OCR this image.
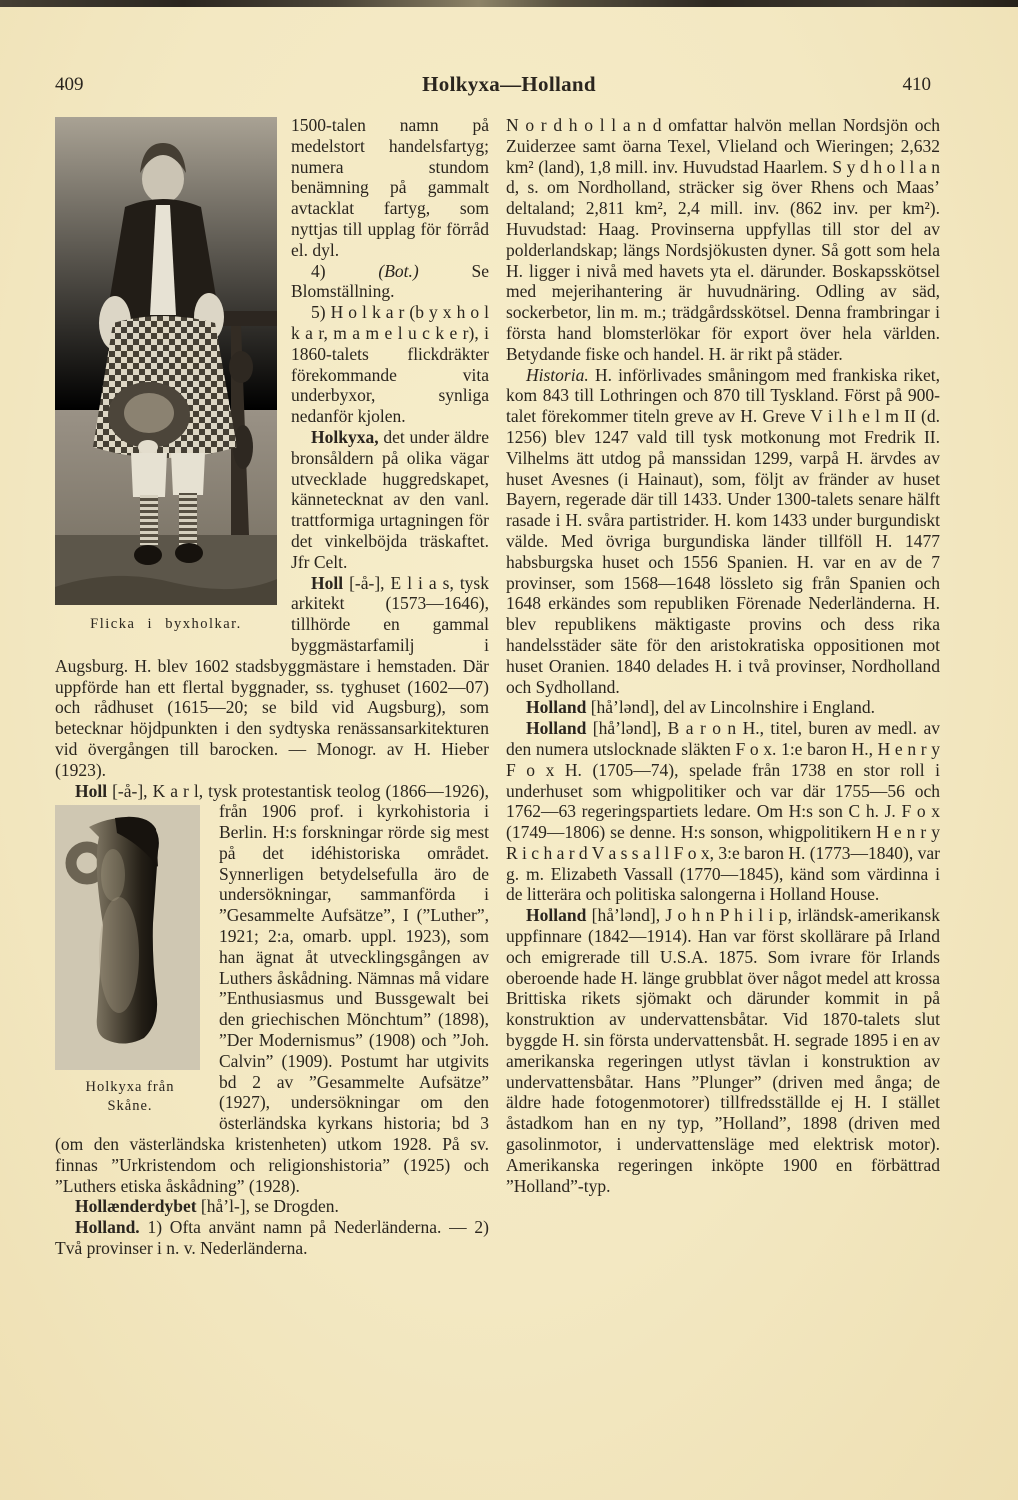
409	Holkyxa—Holland	410
Flicka i byxholkar.

1500-talen namn på medelstort handelsfartyg; numera stundom benämning på gammalt avtacklat fartyg, som nyttjas till upplag för förråd el. dyl.

4) (Bot.) Se Blomställning.

5) H o l k a r (b y x h o l k a r, m a m e l u c k e r), i 1860-talets flickdräkter förekommande vita underbyxor, synliga nedanför kjolen.

Holkyxa, det under äldre bronsåldern på olika vägar utvecklade huggredskapet, kännetecknat av den vanl. trattformiga urtagningen för det vinkelböjda träskaftet. Jfr Celt.

Holl [-å-], E l i a s, tysk arkitekt (1573—1646), tillhörde en gammal byggmästarfamilj i Augsburg. H. blev 1602 stadsbyggmästare i hemstaden. Där uppförde han ett flertal byggnader, ss. tyghuset (1602—07) och rådhuset (1615—20; se bild vid Augsburg), som betecknar höjdpunkten i den sydtyska renässansarkitekturen vid övergången till barocken. — Monogr. av H. Hieber (1923).

Holl [-å-], K a r l, tysk protestantisk teolog (1866—1926), från 1906 prof. i kyrkohistoria i
Holkyxa från
Skåne.
Berlin. H:s forskningar rörde sig mest på det idéhistoriska området. Synnerligen betydelsefulla äro de undersökningar, sammanförda i ”Gesammelte Aufsätze”, I (”Luther”, 1921; 2:a, omarb. uppl. 1923), som han ägnat åt utvecklingsgången av Luthers åskådning. Nämnas må vidare ”Enthusiasmus und Bussgewalt bei den griechischen Mönchtum” (1898), ”Der Modernismus” (1908) och ”Joh. Calvin” (1909). Postumt har utgivits bd 2 av ”Gesammelte Aufsätze” (1927), undersökningar om den österländska kyrkans historia; bd 3 (om den västerländska kristenheten) utkom 1928. På sv. finnas ”Urkristendom och religionshistoria” (1925) och ”Luthers etiska åskådning” (1928).

Hollænderdybet [hå’l-], se Drogden.

Holland. 1) Ofta använt namn på Nederländerna. — 2) Två provinser i n. v. Nederländerna.

N o r d h o l l a n d omfattar halvön mellan Nordsjön och Zuiderzee samt öarna Texel, Vlieland och Wieringen; 2,632 km² (land), 1,8 mill. inv. Huvudstad Haarlem. S y d h o l l a n d, s. om Nordholland, sträcker sig över Rhens och Maas’ deltaland; 2,811 km², 2,4 mill. inv. (862 inv. per km²). Huvudstad: Haag. Provinserna uppfyllas till stor del av polderlandskap; längs Nordsjökusten dyner. Så gott som hela H. ligger i nivå med havets yta el. därunder. Boskapsskötsel med mejerihantering är huvudnäring. Odling av säd, sockerbetor, lin m. m.; trädgårdsskötsel. Denna frambringar i första hand blomsterlökar för export över hela världen. Betydande fiske och handel. H. är rikt på städer.

Historia. H. införlivades småningom med frankiska riket, kom 843 till Lothringen och 870 till Tyskland. Först på 900-talet förekommer titeln greve av H. Greve V i l h e l m II (d. 1256) blev 1247 vald till tysk motkonung mot Fredrik II. Vilhelms ätt utdog på manssidan 1299, varpå H. ärvdes av huset Avesnes (i Hainaut), som, följt av fränder av huset Bayern, regerade där till 1433. Under 1300-talets senare hälft rasade i H. svåra partistrider. H. kom 1433 under burgundiskt välde. Med övriga burgundiska länder tillföll H. 1477 habsburgska huset och 1556 Spanien. H. var en av de 7 provinser, som 1568—1648 lössleto sig från Spanien och 1648 erkändes som republiken Förenade Nederländerna. H. blev republikens mäktigaste provins och dess rika handelsstäder säte för den aristokratiska oppositionen mot huset Oranien. 1840 delades H. i två provinser, Nordholland och Sydholland.

Holland [hå’lənd], del av Lincolnshire i England.

Holland [hå’lənd], B a r o n H., titel, buren av medl. av den numera utslocknade släkten F o x. 1:e baron H., H e n r y F o x H. (1705—74), spelade från 1738 en stor roll i underhuset som whigpolitiker och var där 1755—56 och 1762—63 regeringspartiets ledare. Om H:s son C h. J. F o x (1749—1806) se denne. H:s sonson, whigpolitikern H e n r y R i c h a r d V a s s a l l F o x, 3:e baron H. (1773—1840), var g. m. Elizabeth Vassall (1770—1845), känd som värdinna i de litterära och politiska salongerna i Holland House.

Holland [hå’lənd], J o h n P h i l i p, irländsk-amerikansk uppfinnare (1842—1914). Han var först skollärare på Irland och emigrerade till U.S.A. 1875. Som ivrare för Irlands oberoende hade H. länge grubblat över något medel att krossa Brittiska rikets sjömakt och därunder kommit in på konstruktion av undervattensbåtar. Vid 1870-talets slut byggde H. sin första undervattensbåt. H. segrade 1895 i en av amerikanska regeringen utlyst tävlan i konstruktion av undervattensbåtar. Hans ”Plunger” (driven med ånga; de äldre hade fotogenmotorer) tillfredsställde ej H. I stället åstadkom han en ny typ, ”Holland”, 1898 (driven med gasolinmotor, i undervattensläge med elektrisk motor). Amerikanska regeringen inköpte 1900 en förbättrad ”Holland”-typ.
